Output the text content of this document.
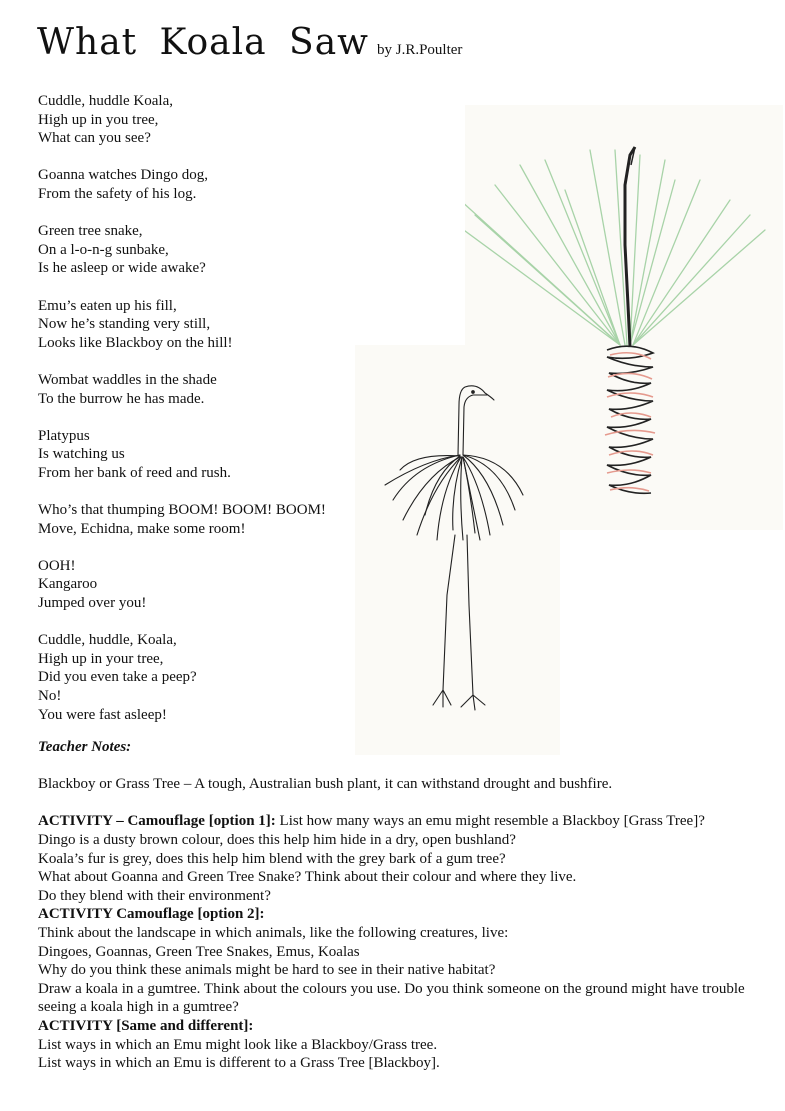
What Koala Saw by J.R.Poulter
Cuddle, huddle Koala,
High up in you tree,
What can you see?
Goanna watches Dingo dog,
From the safety of his log.
Green tree snake,
On a l-o-n-g sunbake,
Is he asleep or wide awake?
Emu’s eaten up his fill,
Now he’s standing very still,
Looks like Blackboy on the hill!
Wombat waddles in the shade
To the burrow he has made.
Platypus
Is watching us
From her bank of reed and rush.
Who’s that thumping BOOM! BOOM! BOOM!
Move, Echidna, make some room!
OOH!
Kangaroo
Jumped over you!
Cuddle, huddle, Koala,
High up in your tree,
Did you even take a peep?
No!
You were fast asleep!
Teacher Notes:

Blackboy or Grass Tree – A tough, Australian bush plant, it can withstand drought and bushfire.

ACTIVITY – Camouflage [option 1]: List how many ways an emu might resemble a Blackboy [Grass Tree]?

Dingo is a dusty brown colour, does this help him hide in a dry, open bushland?

Koala’s fur is grey, does this help him blend with the grey bark of a gum tree?

What about Goanna and Green Tree Snake? Think about their colour and where they live.

Do they blend with their environment?

ACTIVITY Camouflage [option 2]:

Think about the landscape in which animals, like the following creatures, live:

Dingoes, Goannas, Green Tree Snakes, Emus, Koalas

Why do you think these animals might be hard to see in their native habitat?

Draw a koala in a gumtree. Think about the colours you use. Do you think someone on the ground might have trouble seeing a koala high in a gumtree?

ACTIVITY [Same and different]:

List ways in which an Emu might look like a Blackboy/Grass tree.

List ways in which an Emu is different to a Grass Tree [Blackboy].
